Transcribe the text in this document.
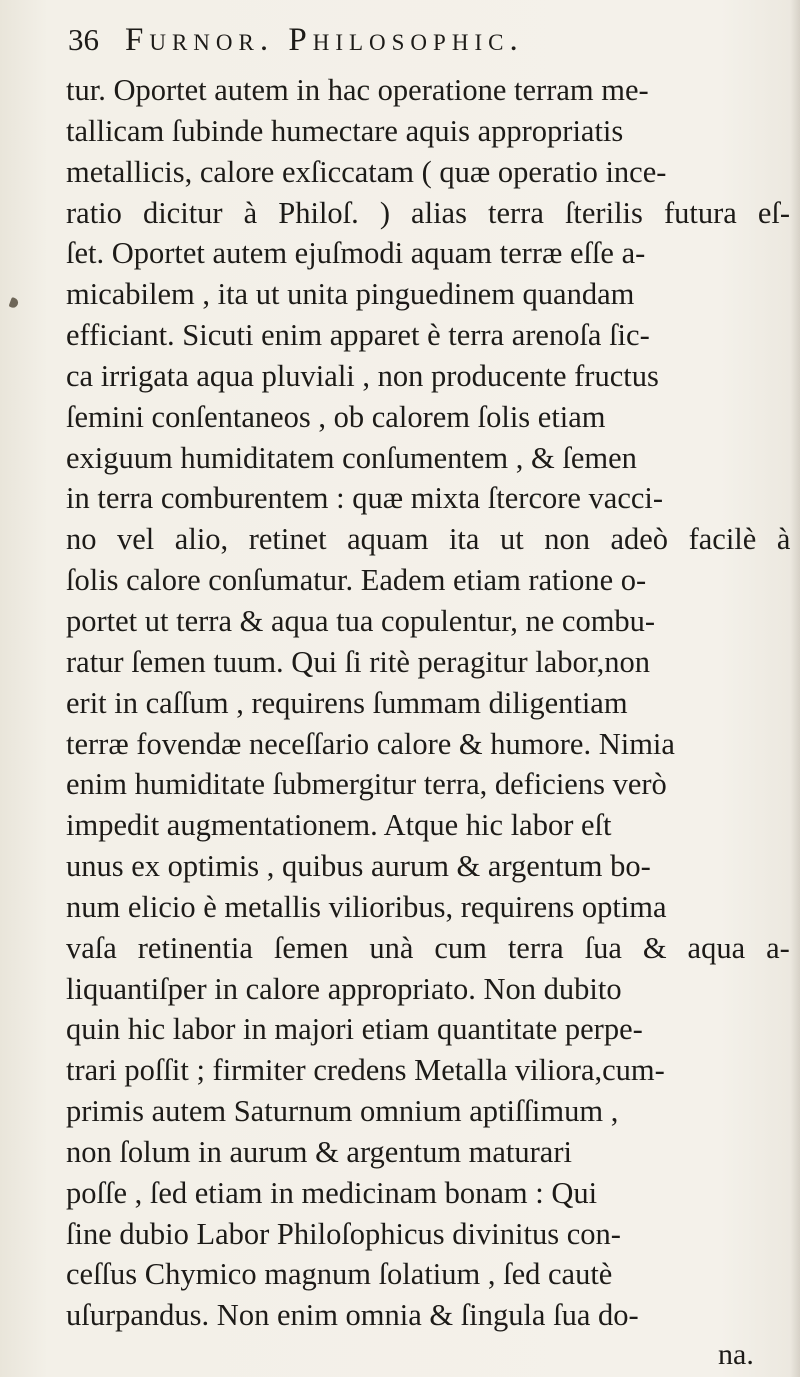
36 Furnor. Philosophic.
tur. Oportet autem in hac operatione terram me-
tallicam ſubinde humectare aquis appropriatis
metallicis, calore exſiccatam ( quæ operatio ince-
ratio dicitur à Philoſ. ) alias terra ſterilis futura eſ-
ſet. Oportet autem ejuſmodi aquam terræ eſſe a-
micabilem , ita ut unita pinguedinem quandam
efficiant. Sicuti enim apparet è terra arenoſa ſic-
ca irrigata aqua pluviali , non producente fructus
ſemini conſentaneos , ob calorem ſolis etiam
exiguum humiditatem conſumentem , & ſemen
in terra comburentem : quæ mixta ſtercore vacci-
no vel alio, retinet aquam ita ut non adeò facilè à
ſolis calore conſumatur. Eadem etiam ratione o-
portet ut terra & aqua tua copulentur, ne combu-
ratur ſemen tuum. Qui ſi ritè peragitur labor,non
erit in caſſum , requirens ſummam diligentiam
terræ fovendæ neceſſario calore & humore. Nimia
enim humiditate ſubmergitur terra, deficiens verò
impedit augmentationem. Atque hic labor eſt
unus ex optimis , quibus aurum & argentum bo-
num elicio è metallis vilioribus, requirens optima
vaſa retinentia ſemen unà cum terra ſua & aqua a-
liquantiſper in calore appropriato. Non dubito
quin hic labor in majori etiam quantitate perpe-
trari poſſit ; firmiter credens Metalla viliora,cum-
primis autem Saturnum omnium aptiſſimum ,
non ſolum in aurum & argentum maturari
poſſe , ſed etiam in medicinam bonam : Qui
ſine dubio Labor Philoſophicus divinitus con-
ceſſus Chymico magnum ſolatium , ſed cautè
uſurpandus. Non enim omnia & ſingula ſua do-
na.
